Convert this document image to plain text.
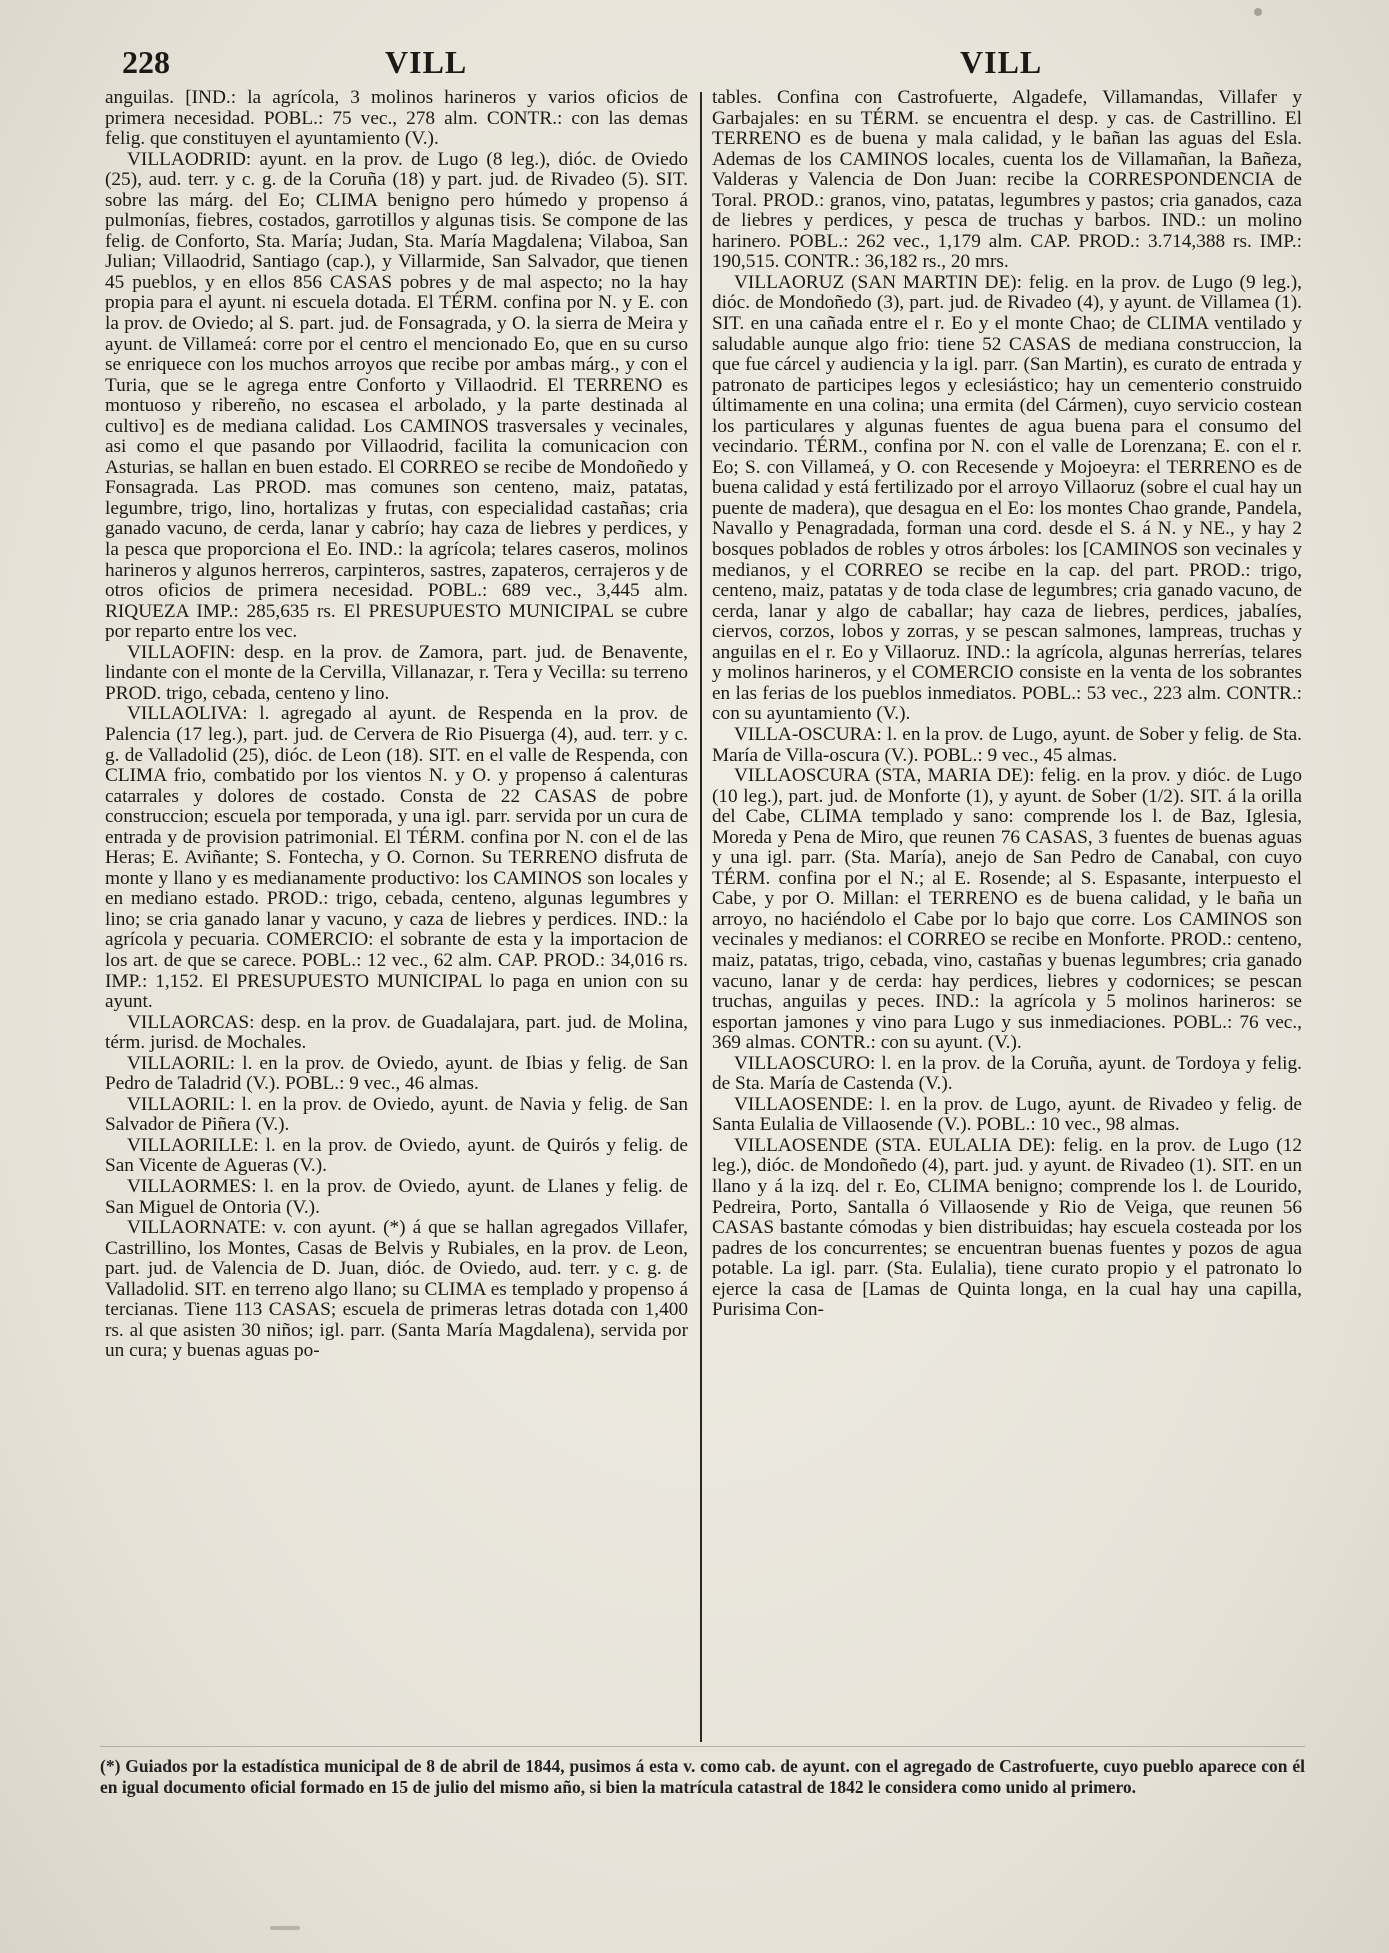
228	VILL	VILL

anguilas. [IND.: la agrícola, 3 molinos harineros y varios oficios de primera necesidad. POBL.: 75 vec., 278 alm. CONTR.: con las demas felig. que constituyen el ayuntamiento (V.).

VILLAODRID: ayunt. en la prov. de Lugo (8 leg.), dióc. de Oviedo (25), aud. terr. y c. g. de la Coruña (18) y part. jud. de Rivadeo (5). SIT. sobre las márg. del Eo; CLIMA benigno pero húmedo y propenso á pulmonías, fiebres, costados, garrotillos y algunas tisis. Se compone de las felig. de Conforto, Sta. María; Judan, Sta. María Magdalena; Vilaboa, San Julian; Villaodrid, Santiago (cap.), y Villarmide, San Salvador, que tienen 45 pueblos, y en ellos 856 CASAS pobres y de mal aspecto; no la hay propia para el ayunt. ni escuela dotada. El TÉRM. confina por N. y E. con la prov. de Oviedo; al S. part. jud. de Fonsagrada, y O. la sierra de Meira y ayunt. de Villameá: corre por el centro el mencionado Eo, que en su curso se enriquece con los muchos arroyos que recibe por ambas márg., y con el Turia, que se le agrega entre Conforto y Villaodrid. El TERRENO es montuoso y ribereño, no escasea el arbolado, y la parte destinada al cultivo] es de mediana calidad. Los CAMINOS trasversales y vecinales, asi como el que pasando por Villaodrid, facilita la comunicacion con Asturias, se hallan en buen estado. El CORREO se recibe de Mondoñedo y Fonsagrada. Las PROD. mas comunes son centeno, maiz, patatas, legumbre, trigo, lino, hortalizas y frutas, con especialidad castañas; cria ganado vacuno, de cerda, lanar y cabrío; hay caza de liebres y perdices, y la pesca que proporciona el Eo. IND.: la agrícola; telares caseros, molinos harineros y algunos herreros, carpinteros, sastres, zapateros, cerrajeros y de otros oficios de primera necesidad. POBL.: 689 vec., 3,445 alm. RIQUEZA IMP.: 285,635 rs. El PRESUPUESTO MUNICIPAL se cubre por reparto entre los vec.

VILLAOFIN: desp. en la prov. de Zamora, part. jud. de Benavente, lindante con el monte de la Cervilla, Villanazar, r. Tera y Vecilla: su terreno PROD. trigo, cebada, centeno y lino.

VILLAOLIVA: l. agregado al ayunt. de Respenda en la prov. de Palencia (17 leg.), part. jud. de Cervera de Rio Pisuerga (4), aud. terr. y c. g. de Valladolid (25), dióc. de Leon (18). SIT. en el valle de Respenda, con CLIMA frio, combatido por los vientos N. y O. y propenso á calenturas catarrales y dolores de costado. Consta de 22 CASAS de pobre construccion; escuela por temporada, y una igl. parr. servida por un cura de entrada y de provision patrimonial. El TÉRM. confina por N. con el de las Heras; E. Aviñante; S. Fontecha, y O. Cornon. Su TERRENO disfruta de monte y llano y es medianamente productivo: los CAMINOS son locales y en mediano estado. PROD.: trigo, cebada, centeno, algunas legumbres y lino; se cria ganado lanar y vacuno, y caza de liebres y perdices. IND.: la agrícola y pecuaria. COMERCIO: el sobrante de esta y la importacion de los art. de que se carece. POBL.: 12 vec., 62 alm. CAP. PROD.: 34,016 rs. IMP.: 1,152. El PRESUPUESTO MUNICIPAL lo paga en union con su ayunt.

VILLAORCAS: desp. en la prov. de Guadalajara, part. jud. de Molina, térm. jurisd. de Mochales.

VILLAORIL: l. en la prov. de Oviedo, ayunt. de Ibias y felig. de San Pedro de Taladrid (V.). POBL.: 9 vec., 46 almas.

VILLAORIL: l. en la prov. de Oviedo, ayunt. de Navia y felig. de San Salvador de Piñera (V.).

VILLAORILLE: l. en la prov. de Oviedo, ayunt. de Quirós y felig. de San Vicente de Agueras (V.).

VILLAORMES: l. en la prov. de Oviedo, ayunt. de Llanes y felig. de San Miguel de Ontoria (V.).

VILLAORNATE: v. con ayunt. (*) á que se hallan agregados Villafer, Castrillino, los Montes, Casas de Belvis y Rubiales, en la prov. de Leon, part. jud. de Valencia de D. Juan, dióc. de Oviedo, aud. terr. y c. g. de Valladolid. SIT. en terreno algo llano; su CLIMA es templado y propenso á tercianas. Tiene 113 CASAS; escuela de primeras letras dotada con 1,400 rs. al que asisten 30 niños; igl. parr. (Santa María Magdalena), servida por un cura; y buenas aguas po-

tables. Confina con Castrofuerte, Algadefe, Villamandas, Villafer y Garbajales: en su TÉRM. se encuentra el desp. y cas. de Castrillino. El TERRENO es de buena y mala calidad, y le bañan las aguas del Esla. Ademas de los CAMINOS locales, cuenta los de Villamañan, la Bañeza, Valderas y Valencia de Don Juan: recibe la CORRESPONDENCIA de Toral. PROD.: granos, vino, patatas, legumbres y pastos; cria ganados, caza de liebres y perdices, y pesca de truchas y barbos. IND.: un molino harinero. POBL.: 262 vec., 1,179 alm. CAP. PROD.: 3.714,388 rs. IMP.: 190,515. CONTR.: 36,182 rs., 20 mrs.

VILLAORUZ (SAN MARTIN DE): felig. en la prov. de Lugo (9 leg.), dióc. de Mondoñedo (3), part. jud. de Rivadeo (4), y ayunt. de Villamea (1). SIT. en una cañada entre el r. Eo y el monte Chao; de CLIMA ventilado y saludable aunque algo frio: tiene 52 CASAS de mediana construccion, la que fue cárcel y audiencia y la igl. parr. (San Martin), es curato de entrada y patronato de participes legos y eclesiástico; hay un cementerio construido últimamente en una colina; una ermita (del Cármen), cuyo servicio costean los particulares y algunas fuentes de agua buena para el consumo del vecindario. TÉRM., confina por N. con el valle de Lorenzana; E. con el r. Eo; S. con Villameá, y O. con Recesende y Mojoeyra: el TERRENO es de buena calidad y está fertilizado por el arroyo Villaoruz (sobre el cual hay un puente de madera), que desagua en el Eo: los montes Chao grande, Pandela, Navallo y Penagradada, forman una cord. desde el S. á N. y NE., y hay 2 bosques poblados de robles y otros árboles: los [CAMINOS son vecinales y medianos, y el CORREO se recibe en la cap. del part. PROD.: trigo, centeno, maiz, patatas y de toda clase de legumbres; cria ganado vacuno, de cerda, lanar y algo de caballar; hay caza de liebres, perdices, jabalíes, ciervos, corzos, lobos y zorras, y se pescan salmones, lampreas, truchas y anguilas en el r. Eo y Villaoruz. IND.: la agrícola, algunas herrerías, telares y molinos harineros, y el COMERCIO consiste en la venta de los sobrantes en las ferias de los pueblos inmediatos. POBL.: 53 vec., 223 alm. CONTR.: con su ayuntamiento (V.).

VILLA-OSCURA: l. en la prov. de Lugo, ayunt. de Sober y felig. de Sta. María de Villa-oscura (V.). POBL.: 9 vec., 45 almas.

VILLAOSCURA (STA, MARIA DE): felig. en la prov. y dióc. de Lugo (10 leg.), part. jud. de Monforte (1), y ayunt. de Sober (1/2). SIT. á la orilla del Cabe, CLIMA templado y sano: comprende los l. de Baz, Iglesia, Moreda y Pena de Miro, que reunen 76 CASAS, 3 fuentes de buenas aguas y una igl. parr. (Sta. María), anejo de San Pedro de Canabal, con cuyo TÉRM. confina por el N.; al E. Rosende; al S. Espasante, interpuesto el Cabe, y por O. Millan: el TERRENO es de buena calidad, y le baña un arroyo, no haciéndolo el Cabe por lo bajo que corre. Los CAMINOS son vecinales y medianos: el CORREO se recibe en Monforte. PROD.: centeno, maiz, patatas, trigo, cebada, vino, castañas y buenas legumbres; cria ganado vacuno, lanar y de cerda: hay perdices, liebres y codornices; se pescan truchas, anguilas y peces. IND.: la agrícola y 5 molinos harineros: se esportan jamones y vino para Lugo y sus inmediaciones. POBL.: 76 vec., 369 almas. CONTR.: con su ayunt. (V.).

VILLAOSCURO: l. en la prov. de la Coruña, ayunt. de Tordoya y felig. de Sta. María de Castenda (V.).

VILLAOSENDE: l. en la prov. de Lugo, ayunt. de Rivadeo y felig. de Santa Eulalia de Villaosende (V.). POBL.: 10 vec., 98 almas.

VILLAOSENDE (STA. EULALIA DE): felig. en la prov. de Lugo (12 leg.), dióc. de Mondoñedo (4), part. jud. y ayunt. de Rivadeo (1). SIT. en un llano y á la izq. del r. Eo, CLIMA benigno; comprende los l. de Lourido, Pedreira, Porto, Santalla ó Villaosende y Rio de Veiga, que reunen 56 CASAS bastante cómodas y bien distribuidas; hay escuela costeada por los padres de los concurrentes; se encuentran buenas fuentes y pozos de agua potable. La igl. parr. (Sta. Eulalia), tiene curato propio y el patronato lo ejerce la casa de [Lamas de Quinta longa, en la cual hay una capilla, Purisima Con-

(*) Guiados por la estadística municipal de 8 de abril de 1844, pusimos á esta v. como cab. de ayunt. con el agregado de Castrofuerte, cuyo pueblo aparece con él en igual documento oficial formado en 15 de julio del mismo año, si bien la matrícula catastral de 1842 le considera como unido al primero.
